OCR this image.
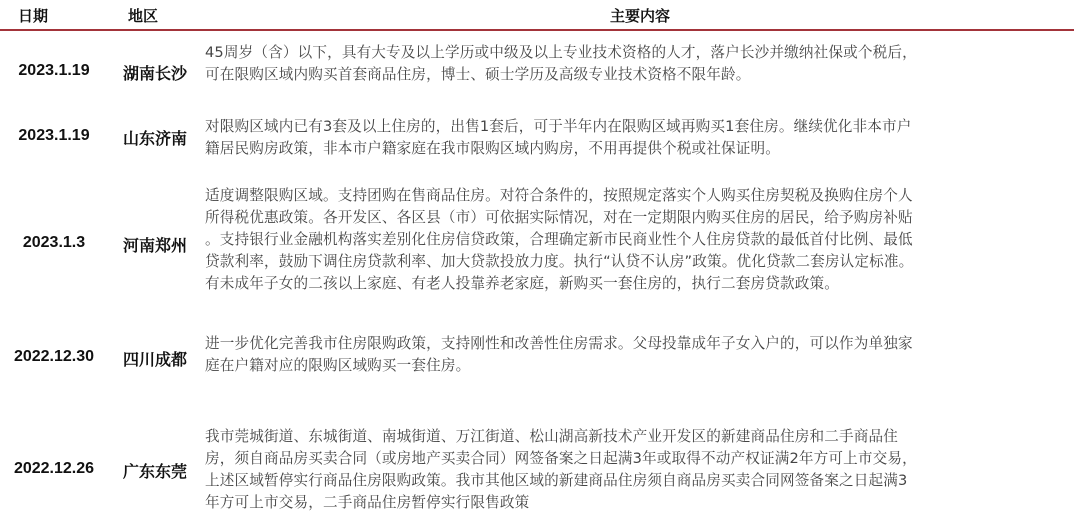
日期	地区	主要内容
2023.1.19	湖南长沙
45周岁（含）以下，具有大专及以上学历或中级及以上专业技术资格的人才，落户长沙并缴纳社保或个税后，
可在限购区域内购买首套商品住房，博士、硕士学历及高级专业技术资格不限年龄。
2023.1.19	山东济南
对限购区域内已有3套及以上住房的，出售1套后，可于半年内在限购区域再购买1套住房。继续优化非本市户
籍居民购房政策，非本市户籍家庭在我市限购区域内购房，不用再提供个税或社保证明。
2023.1.3	河南郑州
适度调整限购区域。支持团购在售商品住房。对符合条件的，按照规定落实个人购买住房契税及换购住房个人
所得税优惠政策。各开发区、各区县（市）可依据实际情况，对在一定期限内购买住房的居民，给予购房补贴
。支持银行业金融机构落实差别化住房信贷政策，合理确定新市民商业性个人住房贷款的最低首付比例、最低
贷款利率，鼓励下调住房贷款利率、加大贷款投放力度。执行“认贷不认房”政策。优化贷款二套房认定标准。
有未成年子女的二孩以上家庭、有老人投靠养老家庭，新购买一套住房的，执行二套房贷款政策。
2022.12.30	四川成都
进一步优化完善我市住房限购政策，支持刚性和改善性住房需求。父母投靠成年子女入户的，可以作为单独家
庭在户籍对应的限购区域购买一套住房。
2022.12.26	广东东莞
我市莞城街道、东城街道、南城街道、万江街道、松山湖高新技术产业开发区的新建商品住房和二手商品住
房，须自商品房买卖合同（或房地产买卖合同）网签备案之日起满3年或取得不动产权证满2年方可上市交易，
上述区域暂停实行商品住房限购政策。我市其他区域的新建商品住房须自商品房买卖合同网签备案之日起满3
年方可上市交易，二手商品住房暂停实行限售政策
